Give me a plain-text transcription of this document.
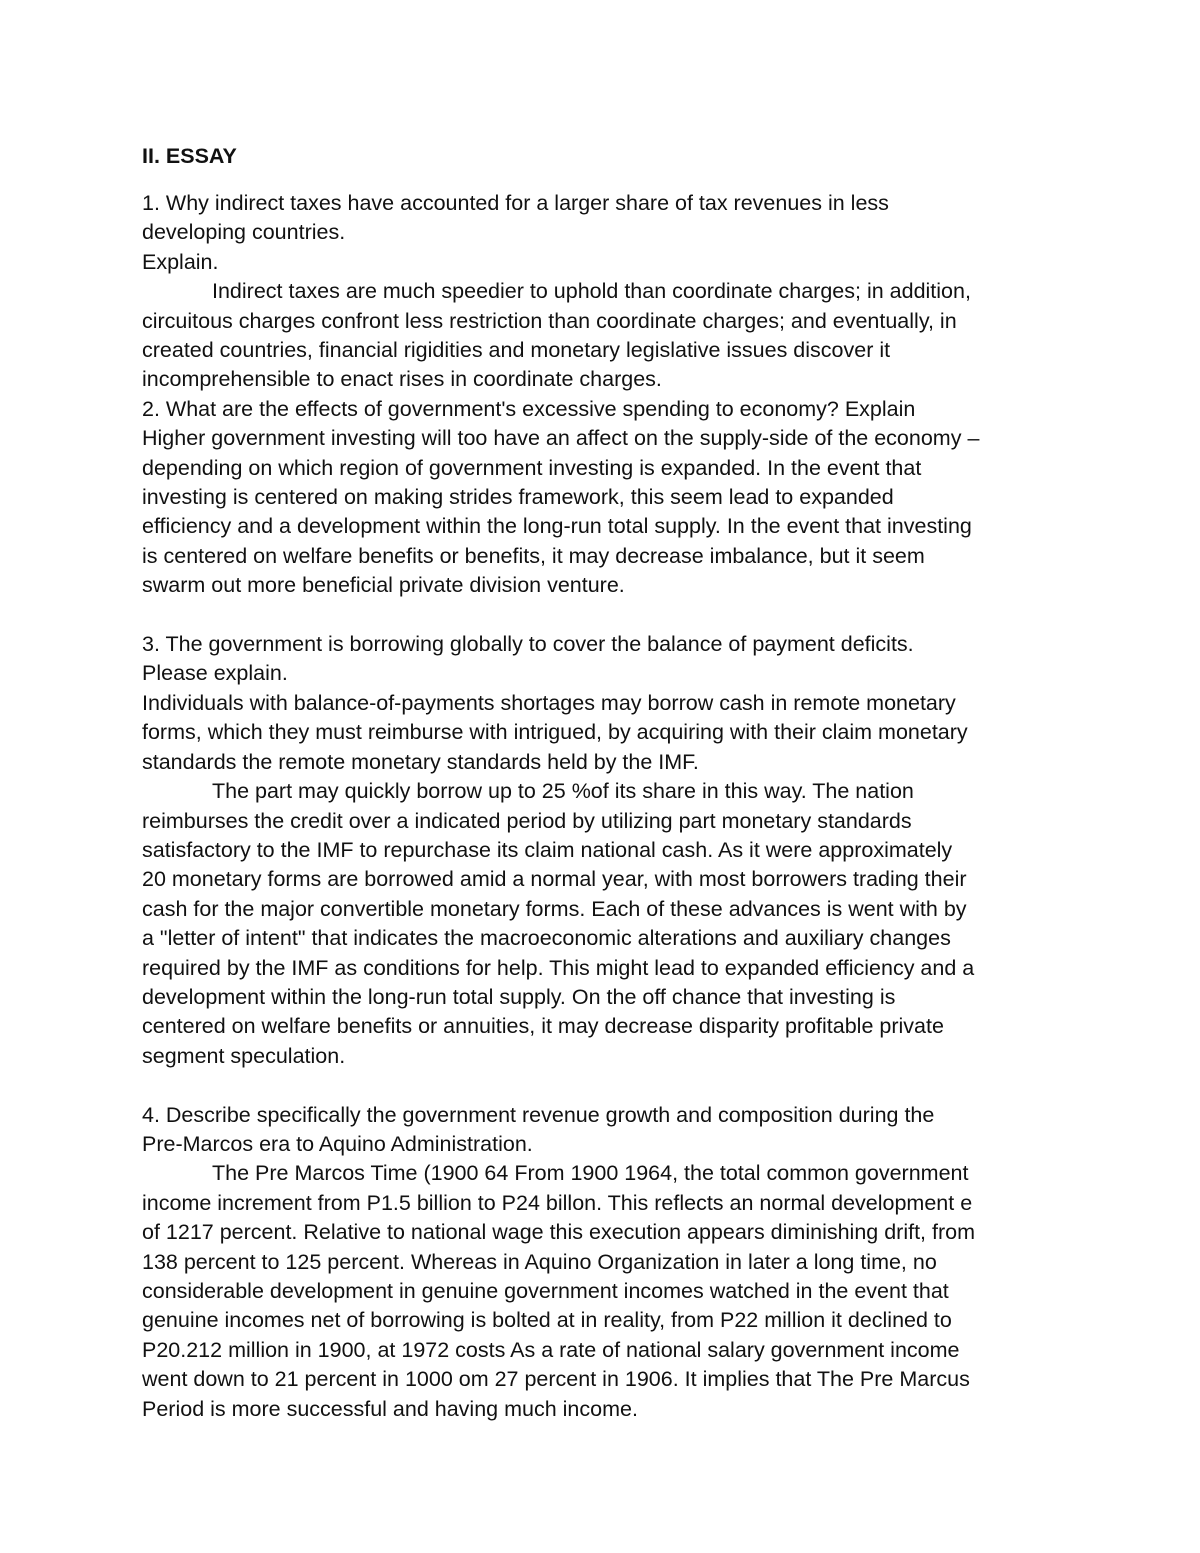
II. ESSAY
1. Why indirect taxes have accounted for a larger share of tax revenues in less
developing countries.
Explain.
Indirect taxes are much speedier to uphold than coordinate charges; in addition,
circuitous charges confront less restriction than coordinate charges; and eventually, in
created countries, financial rigidities and monetary legislative issues discover it
incomprehensible to enact rises in coordinate charges.
2. What are the effects of government's excessive spending to economy? Explain
Higher government investing will too have an affect on the supply-side of the economy –
depending on which region of government investing is expanded. In the event that
investing is centered on making strides framework, this seem lead to expanded
efficiency and a development within the long-run total supply. In the event that investing
is centered on welfare benefits or benefits, it may decrease imbalance, but it seem
swarm out more beneficial private division venture.
3. The government is borrowing globally to cover the balance of payment deficits.
Please explain.
Individuals with balance-of-payments shortages may borrow cash in remote monetary
forms, which they must reimburse with intrigued, by acquiring with their claim monetary
standards the remote monetary standards held by the IMF.
The part may quickly borrow up to 25 %of its share in this way. The nation
reimburses the credit over a indicated period by utilizing part monetary standards
satisfactory to the IMF to repurchase its claim national cash. As it were approximately
20 monetary forms are borrowed amid a normal year, with most borrowers trading their
cash for the major convertible monetary forms. Each of these advances is went with by
a "letter of intent" that indicates the macroeconomic alterations and auxiliary changes
required by the IMF as conditions for help. This might lead to expanded efficiency and a
development within the long-run total supply. On the off chance that investing is
centered on welfare benefits or annuities, it may decrease disparity profitable private
segment speculation.
4. Describe specifically the government revenue growth and composition during the
Pre-Marcos era to Aquino Administration.
The Pre Marcos Time (1900 64 From 1900 1964, the total common government
income increment from P1.5 billion to P24 billon. This reflects an normal development e
of 1217 percent. Relative to national wage this execution appears diminishing drift, from
138 percent to 125 percent. Whereas in Aquino Organization in later a long time, no
considerable development in genuine government incomes watched in the event that
genuine incomes net of borrowing is bolted at in reality, from P22 million it declined to
P20.212 million in 1900, at 1972 costs As a rate of national salary government income
went down to 21 percent in 1000 om 27 percent in 1906. It implies that The Pre Marcus
Period is more successful and having much income.
